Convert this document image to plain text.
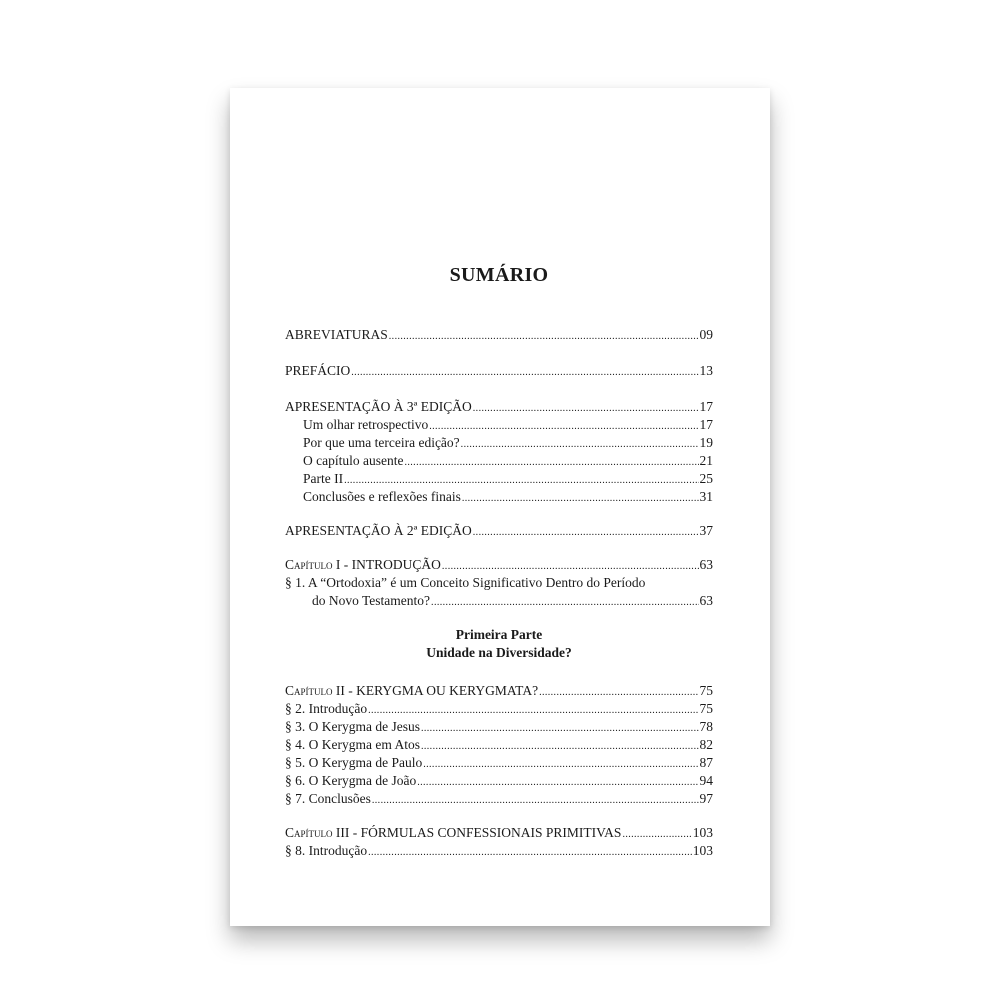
SUMÁRIO
ABREVIATURAS .....	09
PREFÁCIO .....	13
APRESENTAÇÃO À 3ª EDIÇÃO .....	17
Um olhar retrospectivo .....	17
Por que uma terceira edição? .....	19
O capítulo ausente .....	21
Parte II .....	25
Conclusões e reflexões finais .....	31
APRESENTAÇÃO À 2ª EDIÇÃO .....	37
Capítulo I - INTRODUÇÃO .....	63
§ 1. A “Ortodoxia” é um Conceito Significativo Dentro do Período
do Novo Testamento? .....	63
Primeira Parte
Unidade na Diversidade?
Capítulo II - KERYGMA OU KERYGMATA? .....	75
§ 2. Introdução .....	75
§ 3. O Kerygma de Jesus .....	78
§ 4. O Kerygma em Atos .....	82
§ 5. O Kerygma de Paulo .....	87
§ 6. O Kerygma de João .....	94
§ 7. Conclusões .....	97
Capítulo III - FÓRMULAS CONFESSIONAIS PRIMITIVAS .....	103
§ 8. Introdução .....	103
